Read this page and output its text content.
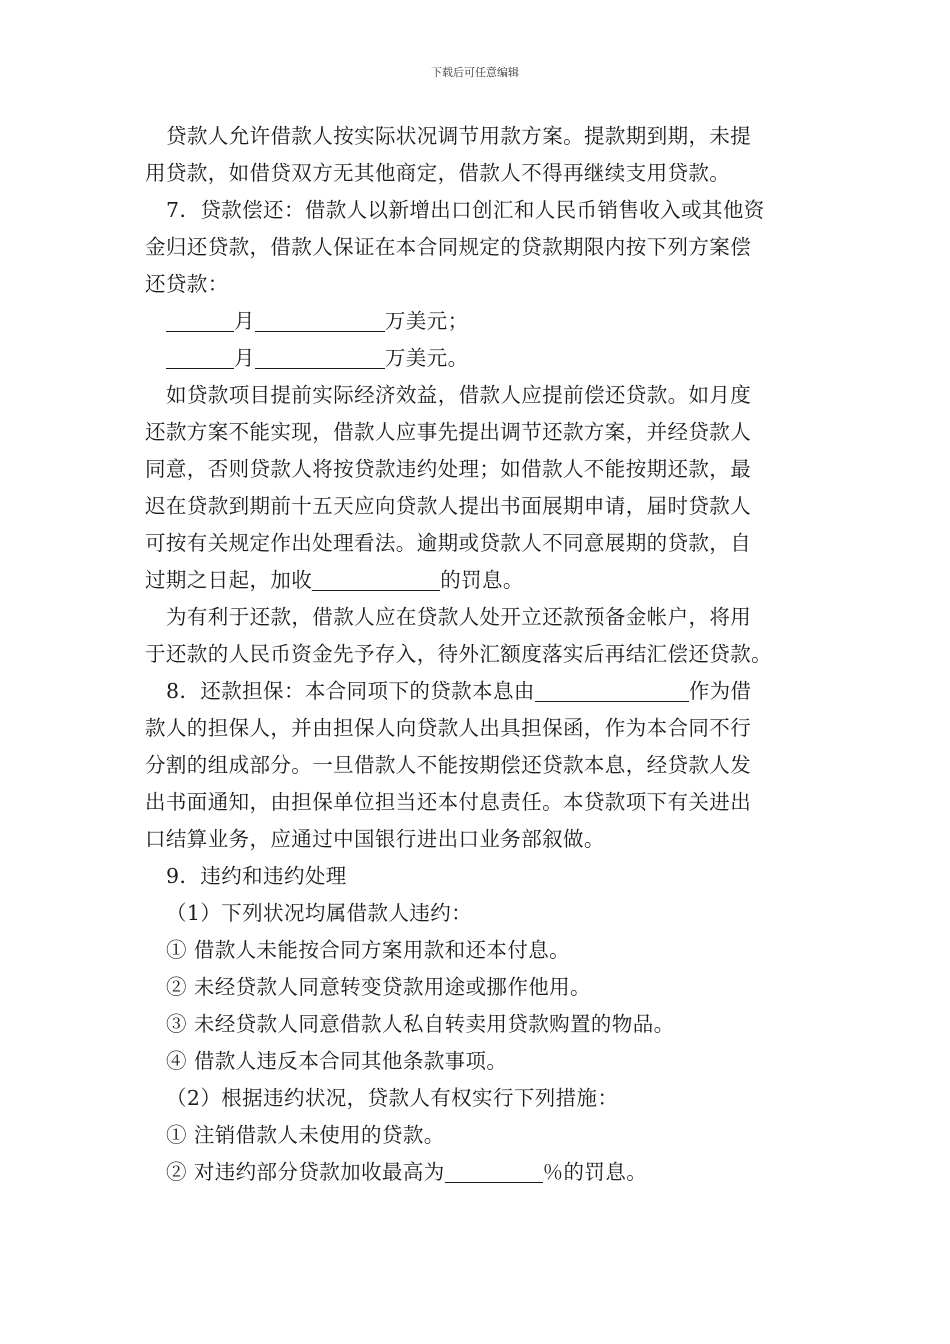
下载后可任意编辑
贷款人允许借款人按实际状况调节用款方案。提款期到期，未提
用贷款，如借贷双方无其他商定，借款人不得再继续支用贷款。
7．贷款偿还：借款人以新增出口创汇和人民币销售收入或其他资
金归还贷款，借款人保证在本合同规定的贷款期限内按下列方案偿
还贷款：
月	万美元；
月	万美元。
如贷款项目提前实际经济效益，借款人应提前偿还贷款。如月度
还款方案不能实现，借款人应事先提出调节还款方案，并经贷款人
同意，否则贷款人将按贷款违约处理；如借款人不能按期还款，最
迟在贷款到期前十五天应向贷款人提出书面展期申请，届时贷款人
可按有关规定作出处理看法。逾期或贷款人不同意展期的贷款，自
过期之日起，加收	的罚息。
为有利于还款，借款人应在贷款人处开立还款预备金帐户，将用
于还款的人民币资金先予存入，待外汇额度落实后再结汇偿还贷款。
8．还款担保：本合同项下的贷款本息由	作为借
款人的担保人，并由担保人向贷款人出具担保函，作为本合同不行
分割的组成部分。一旦借款人不能按期偿还贷款本息，经贷款人发
出书面通知，由担保单位担当还本付息责任。本贷款项下有关进出
口结算业务，应通过中国银行进出口业务部叙做。
9．违约和违约处理
（1）下列状况均属借款人违约：
① 借款人未能按合同方案用款和还本付息。
② 未经贷款人同意转变贷款用途或挪作他用。
③ 未经贷款人同意借款人私自转卖用贷款购置的物品。
④ 借款人违反本合同其他条款事项。
（2）根据违约状况，贷款人有权实行下列措施：
① 注销借款人未使用的贷款。
② 对违约部分贷款加收最高为	％的罚息。
